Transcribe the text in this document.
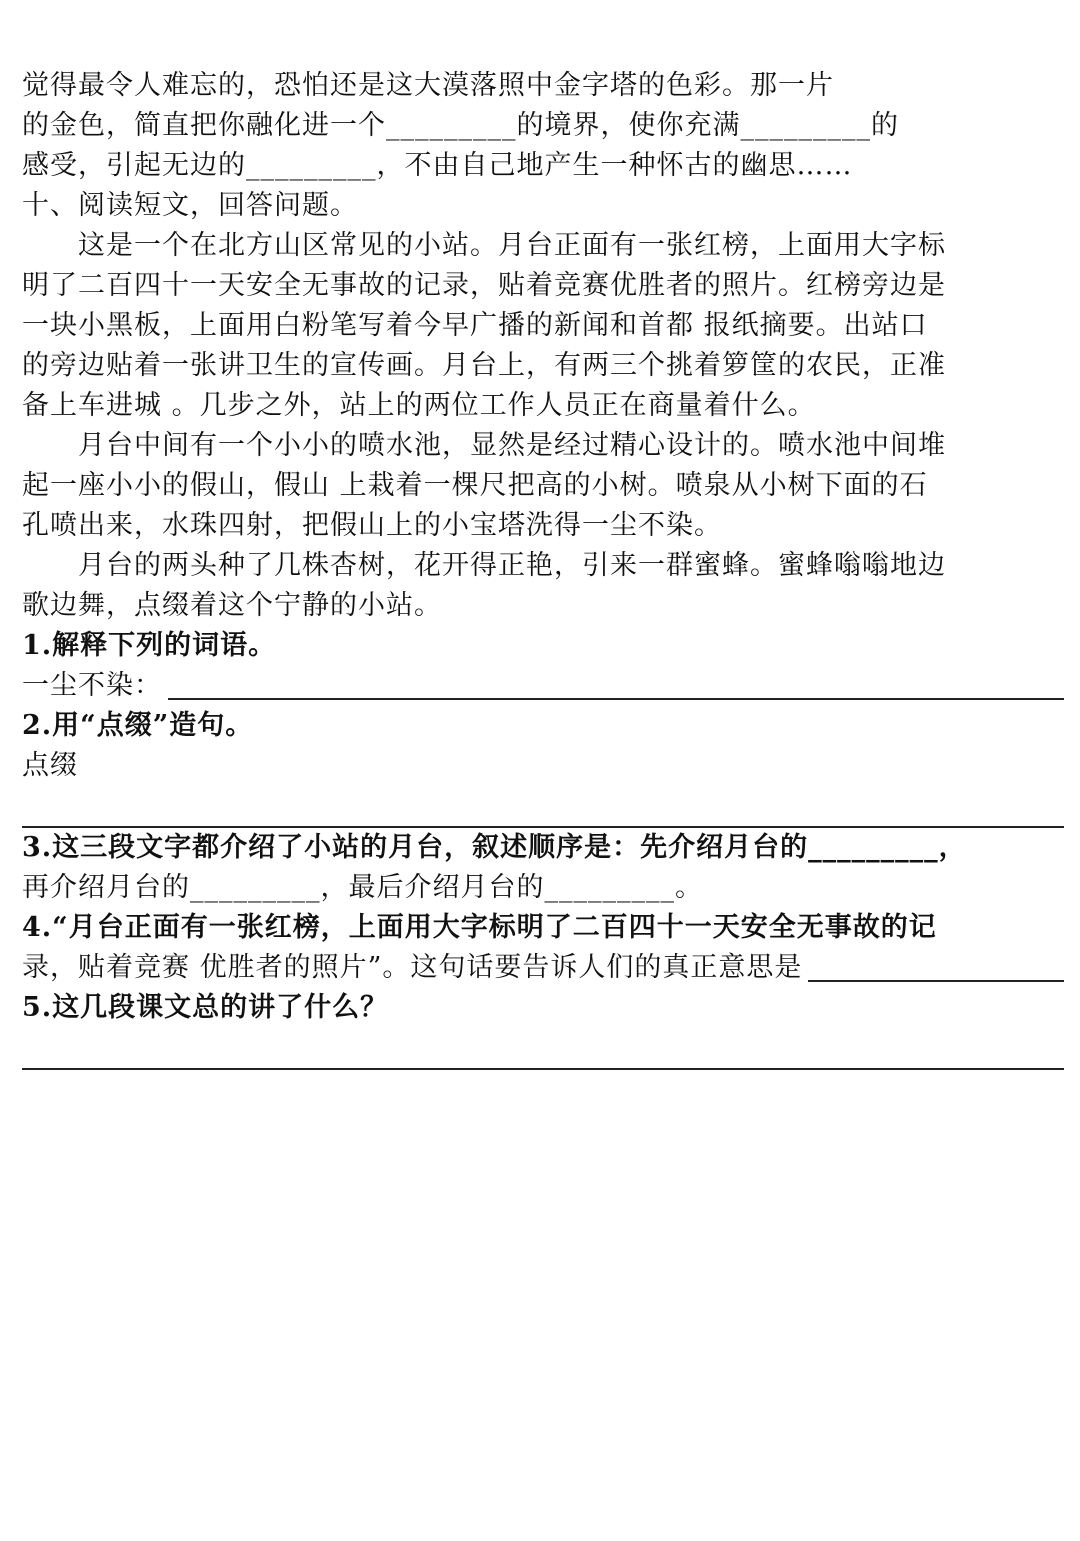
觉得最令人难忘的，恐怕还是这大漠落照中金字塔的色彩。那一片
的金色，简直把你融化进一个_________的境界，使你充满_________的
感受，引起无边的_________，不由自己地产生一种怀古的幽思……
十、阅读短文，回答问题。
这是一个在北方山区常见的小站。月台正面有一张红榜，上面用大字标
明了二百四十一天安全无事故的记录，贴着竞赛优胜者的照片。红榜旁边是
一块小黑板，上面用白粉笔写着今早广播的新闻和首都 报纸摘要。出站口
的旁边贴着一张讲卫生的宣传画。月台上，有两三个挑着箩筐的农民，正准
备上车进城 。几步之外，站上的两位工作人员正在商量着什么。
月台中间有一个小小的喷水池，显然是经过精心设计的。喷水池中间堆
起一座小小的假山，假山 上栽着一棵尺把高的小树。喷泉从小树下面的石
孔喷出来，水珠四射，把假山上的小宝塔洗得一尘不染。
月台的两头种了几株杏树，花开得正艳，引来一群蜜蜂。蜜蜂嗡嗡地边
歌边舞，点缀着这个宁静的小站。
1.解释下列的词语。
一尘不染：
2.用“点缀”造句。
点缀
3.这三段文字都介绍了小站的月台，叙述顺序是：先介绍月台的_________，
再介绍月台的_________，最后介绍月台的_________。
4.“月台正面有一张红榜，上面用大字标明了二百四十一天安全无事故的记
录，贴着竞赛 优胜者的照片”。这句话要告诉人们的真正意思是
5.这几段课文总的讲了什么？
